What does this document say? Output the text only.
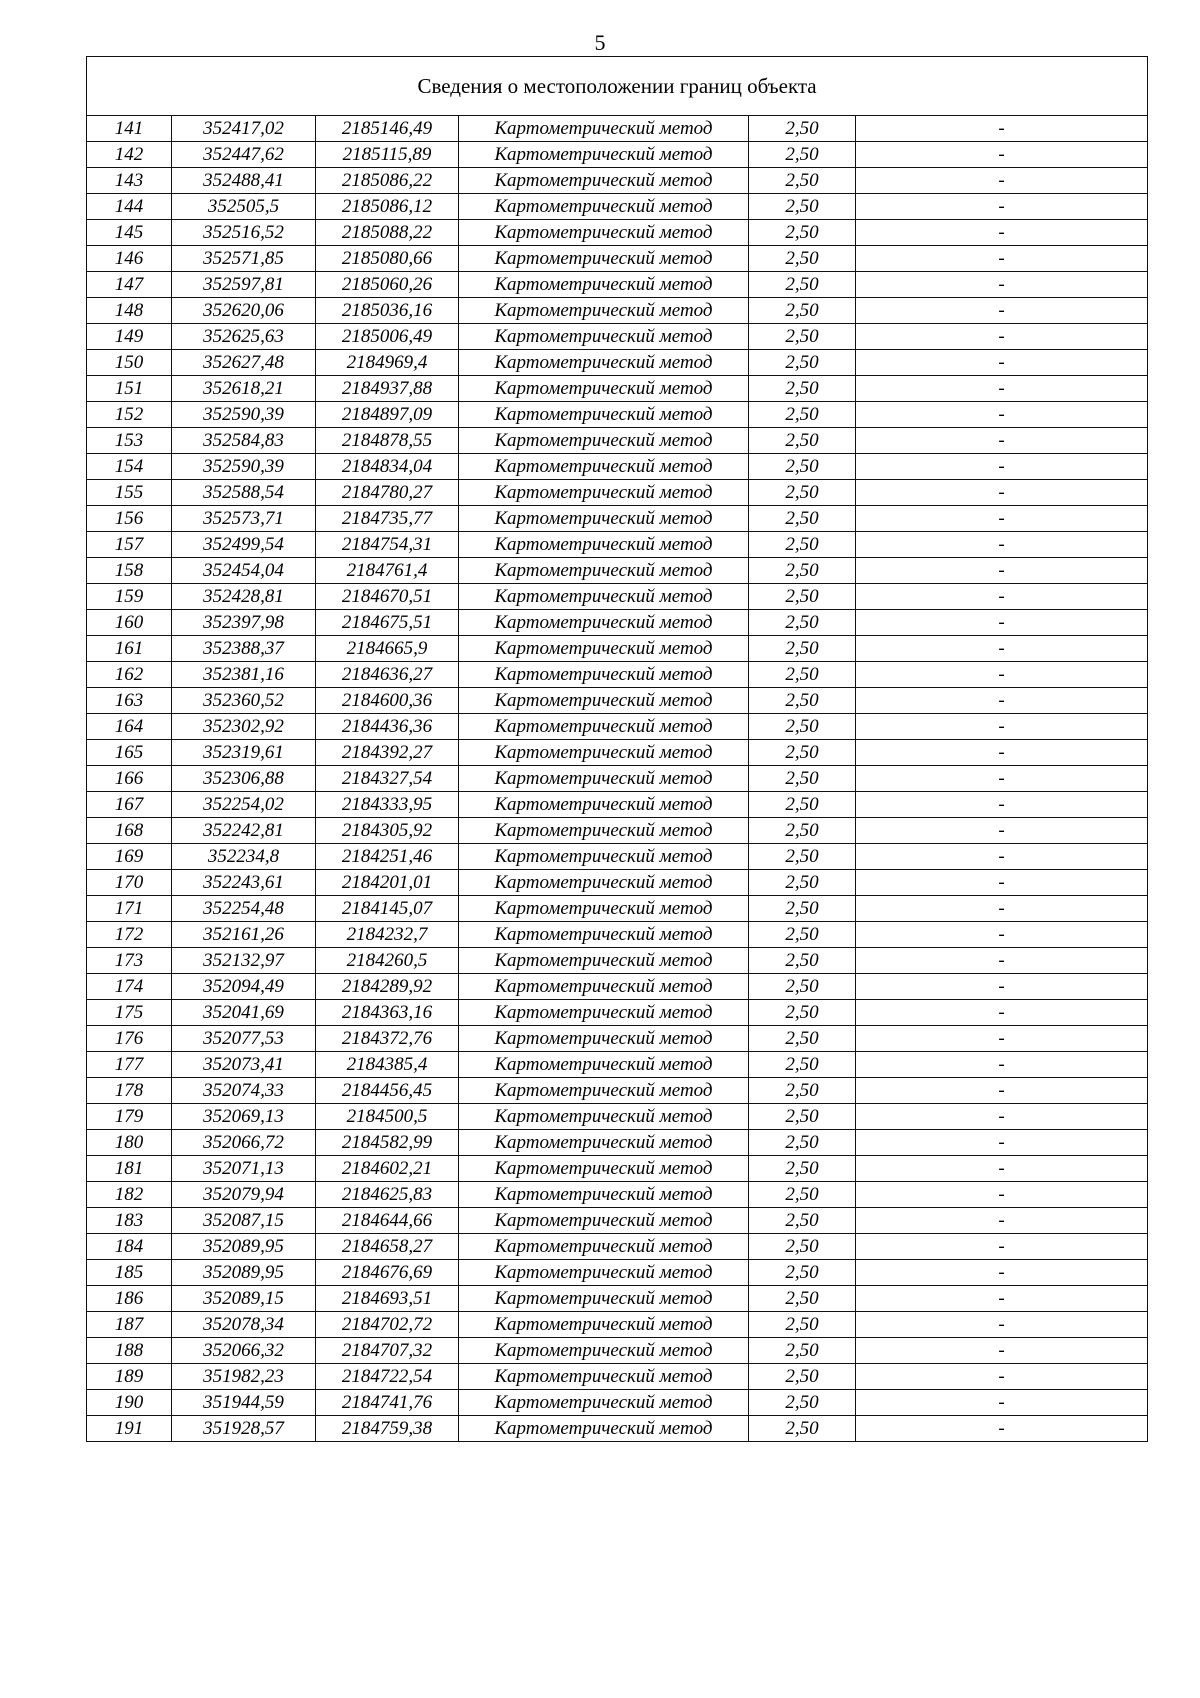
5
Сведения о местоположении границ объекта					
141	352417,02	2185146,49	Картометрический метод	2,50	-
142	352447,62	2185115,89	Картометрический метод	2,50	-
143	352488,41	2185086,22	Картометрический метод	2,50	-
144	352505,5	2185086,12	Картометрический метод	2,50	-
145	352516,52	2185088,22	Картометрический метод	2,50	-
146	352571,85	2185080,66	Картометрический метод	2,50	-
147	352597,81	2185060,26	Картометрический метод	2,50	-
148	352620,06	2185036,16	Картометрический метод	2,50	-
149	352625,63	2185006,49	Картометрический метод	2,50	-
150	352627,48	2184969,4	Картометрический метод	2,50	-
151	352618,21	2184937,88	Картометрический метод	2,50	-
152	352590,39	2184897,09	Картометрический метод	2,50	-
153	352584,83	2184878,55	Картометрический метод	2,50	-
154	352590,39	2184834,04	Картометрический метод	2,50	-
155	352588,54	2184780,27	Картометрический метод	2,50	-
156	352573,71	2184735,77	Картометрический метод	2,50	-
157	352499,54	2184754,31	Картометрический метод	2,50	-
158	352454,04	2184761,4	Картометрический метод	2,50	-
159	352428,81	2184670,51	Картометрический метод	2,50	-
160	352397,98	2184675,51	Картометрический метод	2,50	-
161	352388,37	2184665,9	Картометрический метод	2,50	-
162	352381,16	2184636,27	Картометрический метод	2,50	-
163	352360,52	2184600,36	Картометрический метод	2,50	-
164	352302,92	2184436,36	Картометрический метод	2,50	-
165	352319,61	2184392,27	Картометрический метод	2,50	-
166	352306,88	2184327,54	Картометрический метод	2,50	-
167	352254,02	2184333,95	Картометрический метод	2,50	-
168	352242,81	2184305,92	Картометрический метод	2,50	-
169	352234,8	2184251,46	Картометрический метод	2,50	-
170	352243,61	2184201,01	Картометрический метод	2,50	-
171	352254,48	2184145,07	Картометрический метод	2,50	-
172	352161,26	2184232,7	Картометрический метод	2,50	-
173	352132,97	2184260,5	Картометрический метод	2,50	-
174	352094,49	2184289,92	Картометрический метод	2,50	-
175	352041,69	2184363,16	Картометрический метод	2,50	-
176	352077,53	2184372,76	Картометрический метод	2,50	-
177	352073,41	2184385,4	Картометрический метод	2,50	-
178	352074,33	2184456,45	Картометрический метод	2,50	-
179	352069,13	2184500,5	Картометрический метод	2,50	-
180	352066,72	2184582,99	Картометрический метод	2,50	-
181	352071,13	2184602,21	Картометрический метод	2,50	-
182	352079,94	2184625,83	Картометрический метод	2,50	-
183	352087,15	2184644,66	Картометрический метод	2,50	-
184	352089,95	2184658,27	Картометрический метод	2,50	-
185	352089,95	2184676,69	Картометрический метод	2,50	-
186	352089,15	2184693,51	Картометрический метод	2,50	-
187	352078,34	2184702,72	Картометрический метод	2,50	-
188	352066,32	2184707,32	Картометрический метод	2,50	-
189	351982,23	2184722,54	Картометрический метод	2,50	-
190	351944,59	2184741,76	Картометрический метод	2,50	-
191	351928,57	2184759,38	Картометрический метод	2,50	-
